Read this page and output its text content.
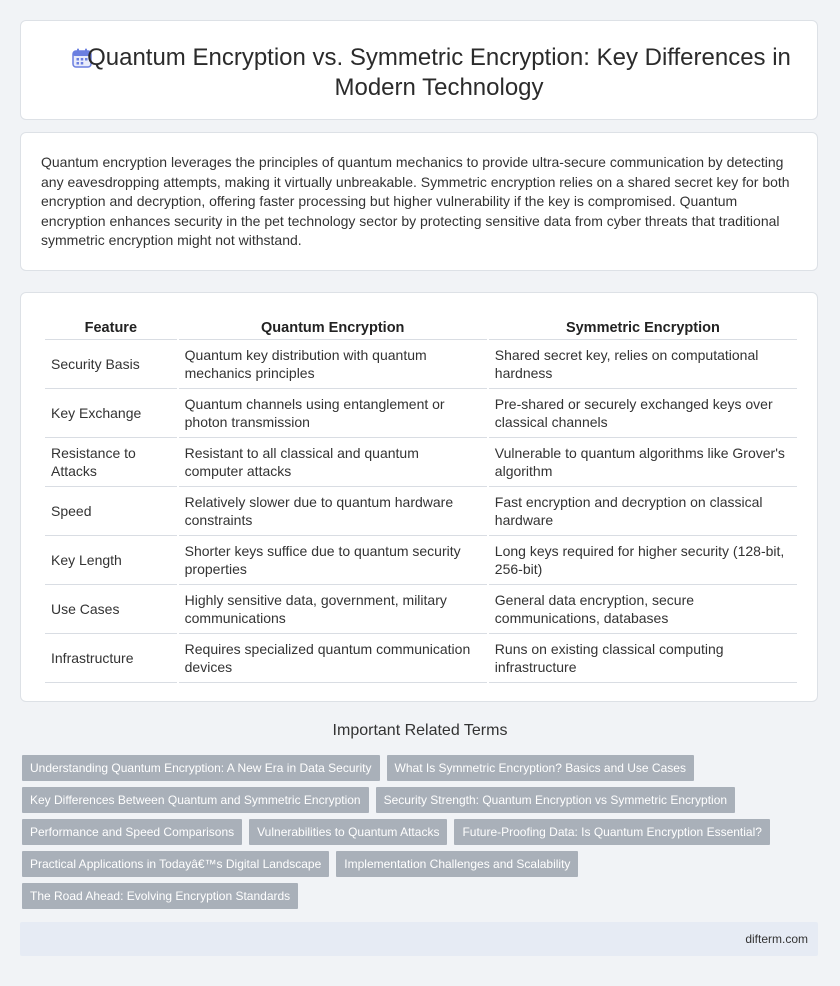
Quantum Encryption vs. Symmetric Encryption: Key Differences in Modern Technology

Quantum encryption leverages the principles of quantum mechanics to provide ultra-secure communication by detecting any eavesdropping attempts, making it virtually unbreakable. Symmetric encryption relies on a shared secret key for both encryption and decryption, offering faster processing but higher vulnerability if the key is compromised. Quantum encryption enhances security in the pet technology sector by protecting sensitive data from cyber threats that traditional symmetric encryption might not withstand.

Feature	Quantum Encryption	Symmetric Encryption
Security Basis	Quantum key distribution with quantum mechanics principles	Shared secret key, relies on computational hardness
Key Exchange	Quantum channels using entanglement or photon transmission	Pre-shared or securely exchanged keys over classical channels
Resistance to Attacks	Resistant to all classical and quantum computer attacks	Vulnerable to quantum algorithms like Grover's algorithm
Speed	Relatively slower due to quantum hardware constraints	Fast encryption and decryption on classical hardware
Key Length	Shorter keys suffice due to quantum security properties	Long keys required for higher security (128-bit, 256-bit)
Use Cases	Highly sensitive data, government, military communications	General data encryption, secure communications, databases
Infrastructure	Requires specialized quantum communication devices	Runs on existing classical computing infrastructure
Important Related Terms
Understanding Quantum Encryption: A New Era in Data Security	What Is Symmetric Encryption? Basics and Use Cases
Key Differences Between Quantum and Symmetric Encryption	Security Strength: Quantum Encryption vs Symmetric Encryption
Performance and Speed Comparisons	Vulnerabilities to Quantum Attacks	Future-Proofing Data: Is Quantum Encryption Essential?
Practical Applications in Todayâ€™s Digital Landscape	Implementation Challenges and Scalability
The Road Ahead: Evolving Encryption Standards
difterm.com
